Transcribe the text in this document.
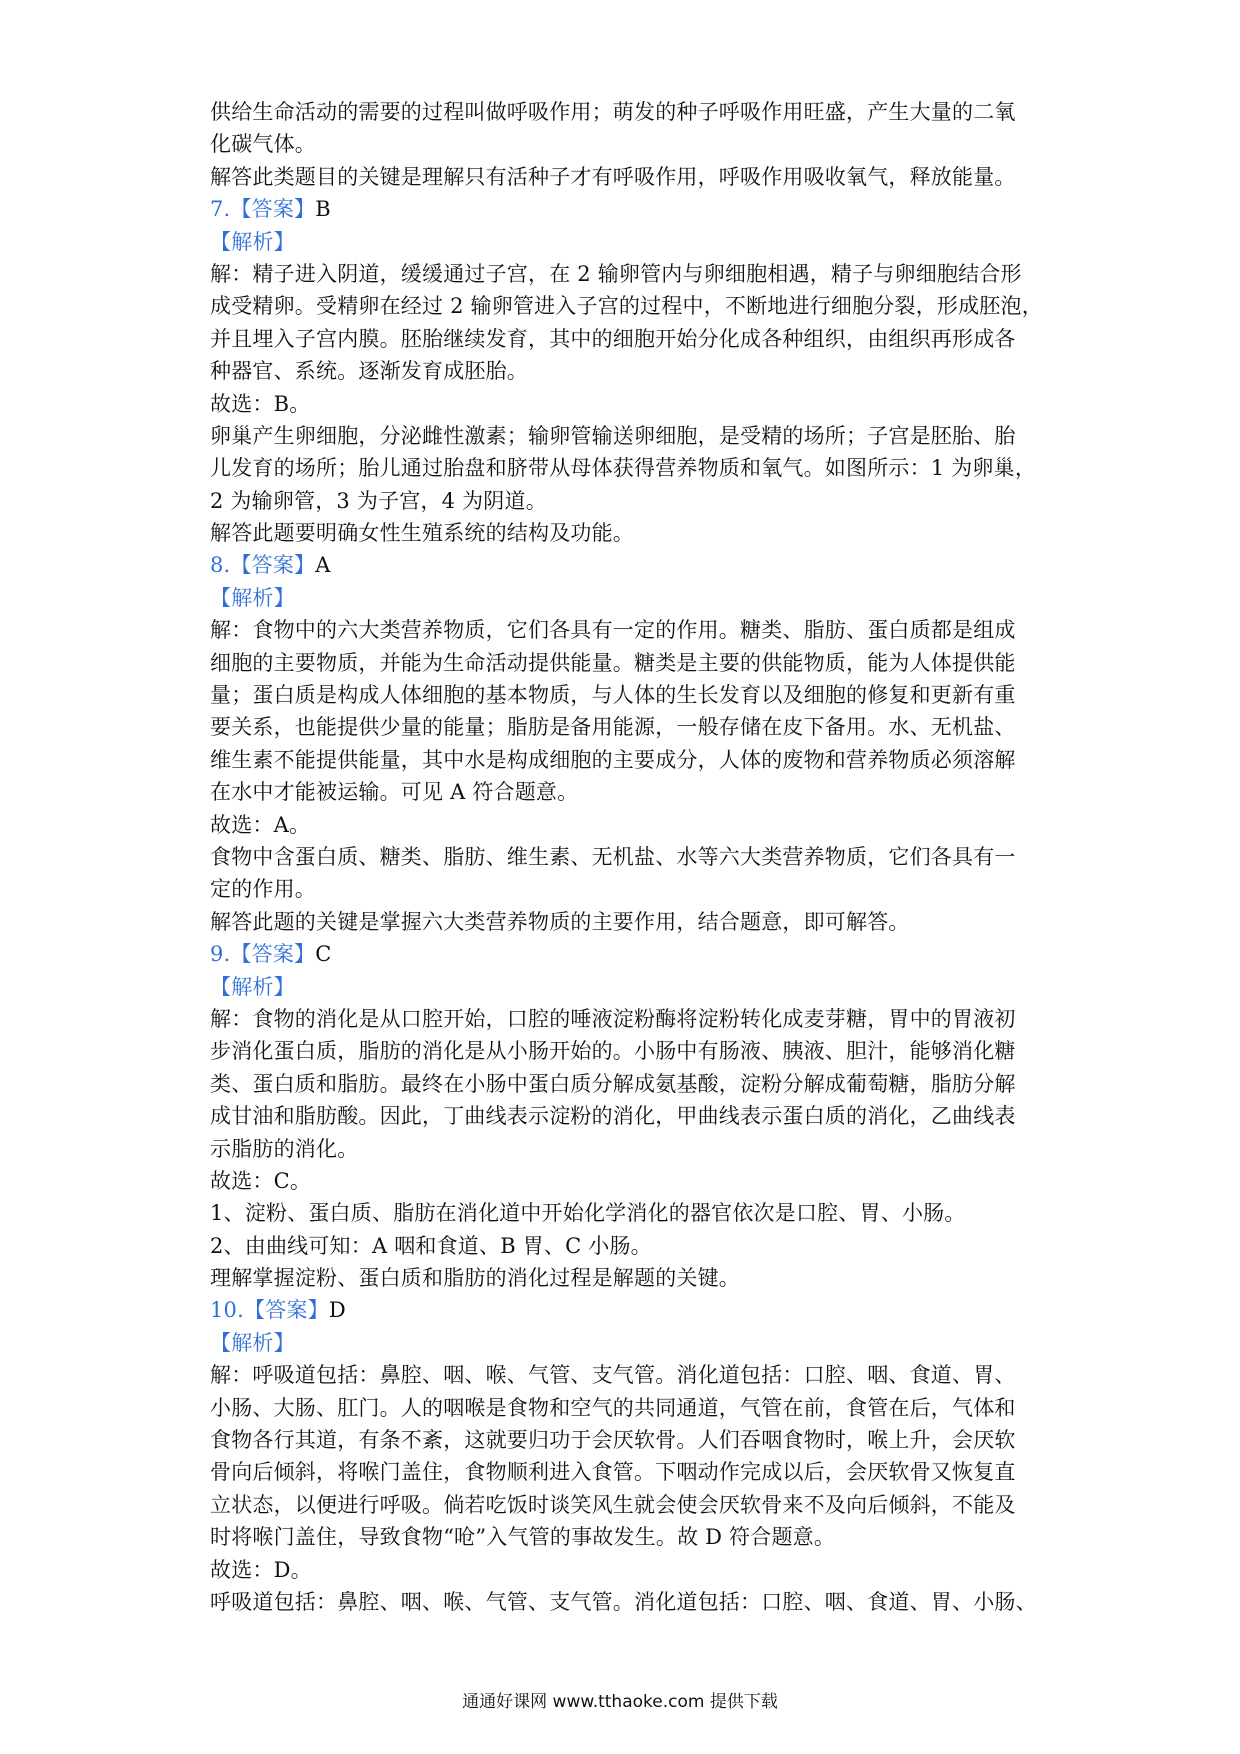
供给生命活动的需要的过程叫做呼吸作用；萌发的种子呼吸作用旺盛，产生大量的二氧
化碳气体。
解答此类题目的关键是理解只有活种子才有呼吸作用，呼吸作用吸收氧气，释放能量。
7.【答案】B
【解析】
解：精子进入阴道，缓缓通过子宫，在 2 输卵管内与卵细胞相遇，精子与卵细胞结合形
成受精卵。受精卵在经过 2 输卵管进入子宫的过程中，不断地进行细胞分裂，形成胚泡，
并且埋入子宫内膜。胚胎继续发育，其中的细胞开始分化成各种组织，由组织再形成各
种器官、系统。逐渐发育成胚胎。
故选：B。
卵巢产生卵细胞，分泌雌性激素；输卵管输送卵细胞，是受精的场所；子宫是胚胎、胎
儿发育的场所；胎儿通过胎盘和脐带从母体获得营养物质和氧气。如图所示：1 为卵巢，
2 为输卵管，3 为子宫，4 为阴道。
解答此题要明确女性生殖系统的结构及功能。
8.【答案】A
【解析】
解：食物中的六大类营养物质，它们各具有一定的作用。糖类、脂肪、蛋白质都是组成
细胞的主要物质，并能为生命活动提供能量。糖类是主要的供能物质，能为人体提供能
量；蛋白质是构成人体细胞的基本物质，与人体的生长发育以及细胞的修复和更新有重
要关系，也能提供少量的能量；脂肪是备用能源，一般存储在皮下备用。水、无机盐、
维生素不能提供能量，其中水是构成细胞的主要成分，人体的废物和营养物质必须溶解
在水中才能被运输。可见 A 符合题意。
故选：A。
食物中含蛋白质、糖类、脂肪、维生素、无机盐、水等六大类营养物质，它们各具有一
定的作用。
解答此题的关键是掌握六大类营养物质的主要作用，结合题意，即可解答。
9.【答案】C
【解析】
解：食物的消化是从口腔开始，口腔的唾液淀粉酶将淀粉转化成麦芽糖，胃中的胃液初
步消化蛋白质，脂肪的消化是从小肠开始的。小肠中有肠液、胰液、胆汁，能够消化糖
类、蛋白质和脂肪。最终在小肠中蛋白质分解成氨基酸，淀粉分解成葡萄糖，脂肪分解
成甘油和脂肪酸。因此，丁曲线表示淀粉的消化，甲曲线表示蛋白质的消化，乙曲线表
示脂肪的消化。
故选：C。
1、淀粉、蛋白质、脂肪在消化道中开始化学消化的器官依次是口腔、胃、小肠。
2、由曲线可知：A 咽和食道、B 胃、C 小肠。
理解掌握淀粉、蛋白质和脂肪的消化过程是解题的关键。
10.【答案】D
【解析】
解：呼吸道包括：鼻腔、咽、喉、气管、支气管。消化道包括：口腔、咽、食道、胃、
小肠、大肠、肛门。人的咽喉是食物和空气的共同通道，气管在前，食管在后，气体和
食物各行其道，有条不紊，这就要归功于会厌软骨。人们吞咽食物时，喉上升，会厌软
骨向后倾斜，将喉门盖住，食物顺利进入食管。下咽动作完成以后，会厌软骨又恢复直
立状态，以便进行呼吸。倘若吃饭时谈笑风生就会使会厌软骨来不及向后倾斜，不能及
时将喉门盖住，导致食物“呛”入气管的事故发生。故 D 符合题意。
故选：D。
呼吸道包括：鼻腔、咽、喉、气管、支气管。消化道包括：口腔、咽、食道、胃、小肠、
通通好课网 www.tthaoke.com 提供下载
